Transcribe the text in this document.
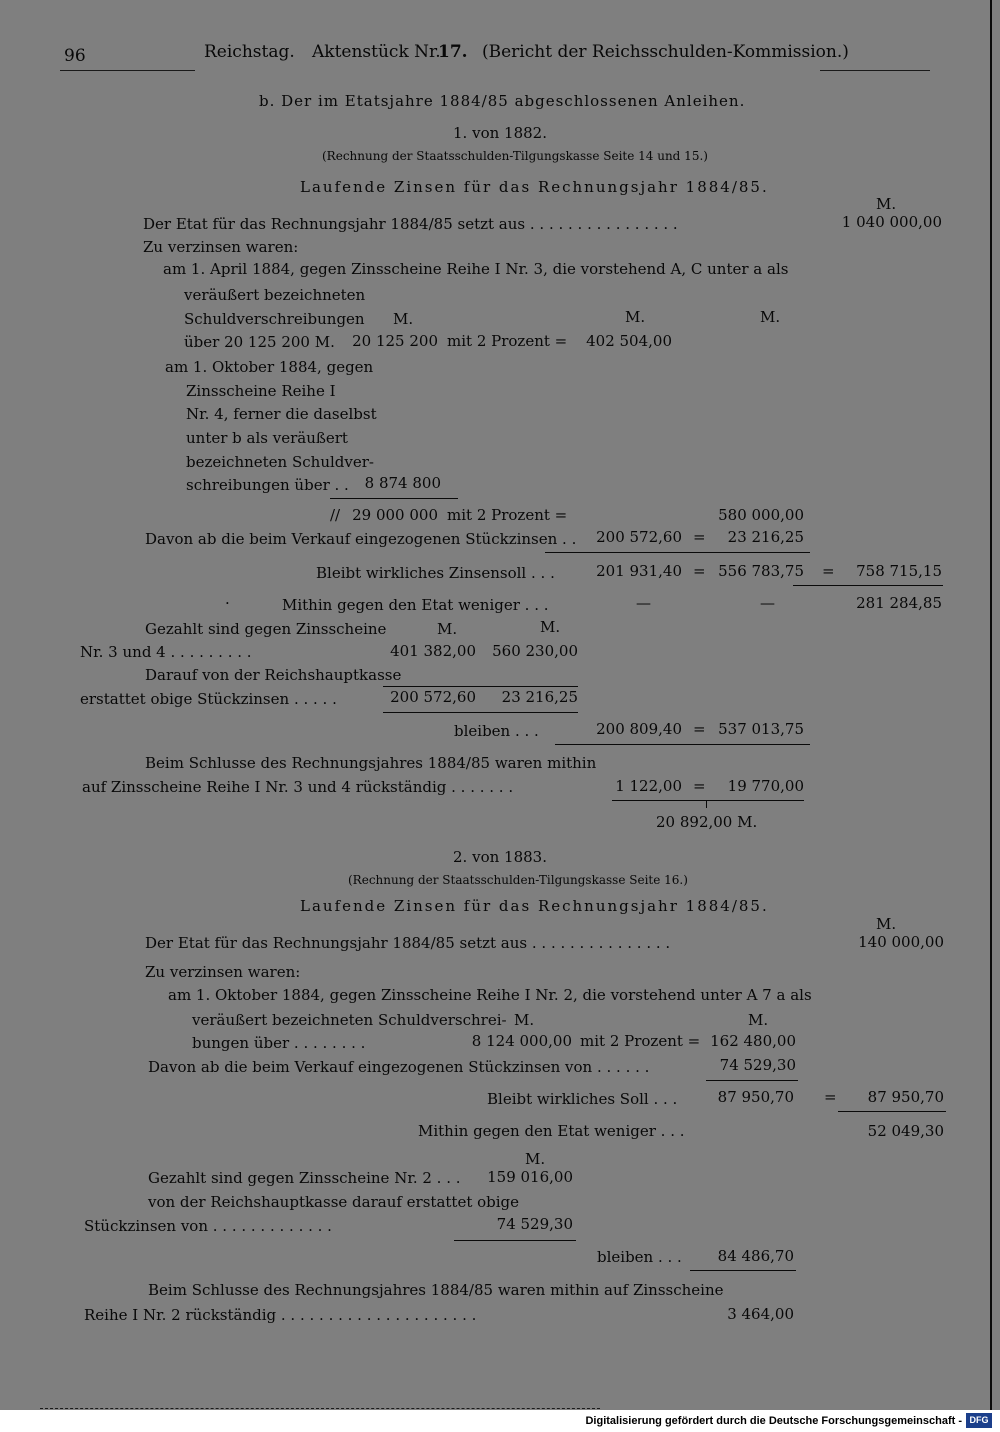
96	Reichstag. Aktenstück Nr.
17. (Bericht der Reichsschulden-Kommission.)
b. Der im Etatsjahre 1884/85 abgeschlossenen Anleihen.
1. von 1882.
(Rechnung der Staatsschulden-Tilgungskasse Seite 14 und 15.)
Laufende Zinsen für das Rechnungsjahr 1884/85.
M.
Der Etat für das Rechnungsjahr 1884/85 setzt aus . . . . . . . . . . . . . . . .	1 040 000,00
Zu verzinsen waren:
am 1. April 1884, gegen Zinsscheine Reihe I Nr. 3, die vorstehend A, C unter a als
veräußert bezeichneten
Schuldverschreibungen M.	M.	M.
über 20 125 200 M.	20 125 200 mit 2 Prozent =	402 504,00
am 1. Oktober 1884, gegen
Zinsscheine Reihe I
Nr. 4, ferner die daselbst
unter b als veräußert
bezeichneten Schuldver-
schreibungen über . .	8 874 800
// 29 000 000 mit 2 Prozent =	580 000,00
Davon ab die beim Verkauf eingezogenen Stückzinsen . .	200 572,60 =	23 216,25
Bleibt wirkliches Zinsensoll . . .	201 931,40 = 556 783,75 =	758 715,15
·	Mithin gegen den Etat weniger . . .	—	—	281 284,85
Gezahlt sind gegen Zinsscheine	M.	M.
Nr. 3 und 4 . . . . . . . . .	401 382,00 560 230,00
Darauf von der Reichshauptkasse
erstattet obige Stückzinsen . . . . .	200 572,60	23 216,25
bleiben . . .	200 809,40 = 537 013,75
Beim Schlusse des Rechnungsjahres 1884/85 waren mithin
auf Zinsscheine Reihe I Nr. 3 und 4 rückständig . . . . . . .	1 122,00 =	19 770,00
20 892,00 M.
2. von 1883.
(Rechnung der Staatsschulden-Tilgungskasse Seite 16.)
Laufende Zinsen für das Rechnungsjahr 1884/85.
M.
Der Etat für das Rechnungsjahr 1884/85 setzt aus . . . . . . . . . . . . . . .	140 000,00
Zu verzinsen waren:
am 1. Oktober 1884, gegen Zinsscheine Reihe I Nr. 2, die vorstehend unter A 7 a als
veräußert bezeichneten Schuldverschrei- M.	M.
bungen über . . . . . . . .	8 124 000,00 mit 2 Prozent = 162 480,00
Davon ab die beim Verkauf eingezogenen Stückzinsen von . . . . . .	74 529,30
Bleibt wirkliches Soll . . .	87 950,70 =	87 950,70
Mithin gegen den Etat weniger . . .	52 049,30
M.
Gezahlt sind gegen Zinsscheine Nr. 2 . . .	159 016,00
von der Reichshauptkasse darauf erstattet obige
Stückzinsen von . . . . . . . . . . . . .	74 529,30
bleiben . . .	84 486,70
Beim Schlusse des Rechnungsjahres 1884/85 waren mithin auf Zinsscheine
Reihe I Nr. 2 rückständig . . . . . . . . . . . . . . . . . . . . .	3 464,00
Digitalisierung gefördert durch die Deutsche Forschungsgemeinschaft - DFG
